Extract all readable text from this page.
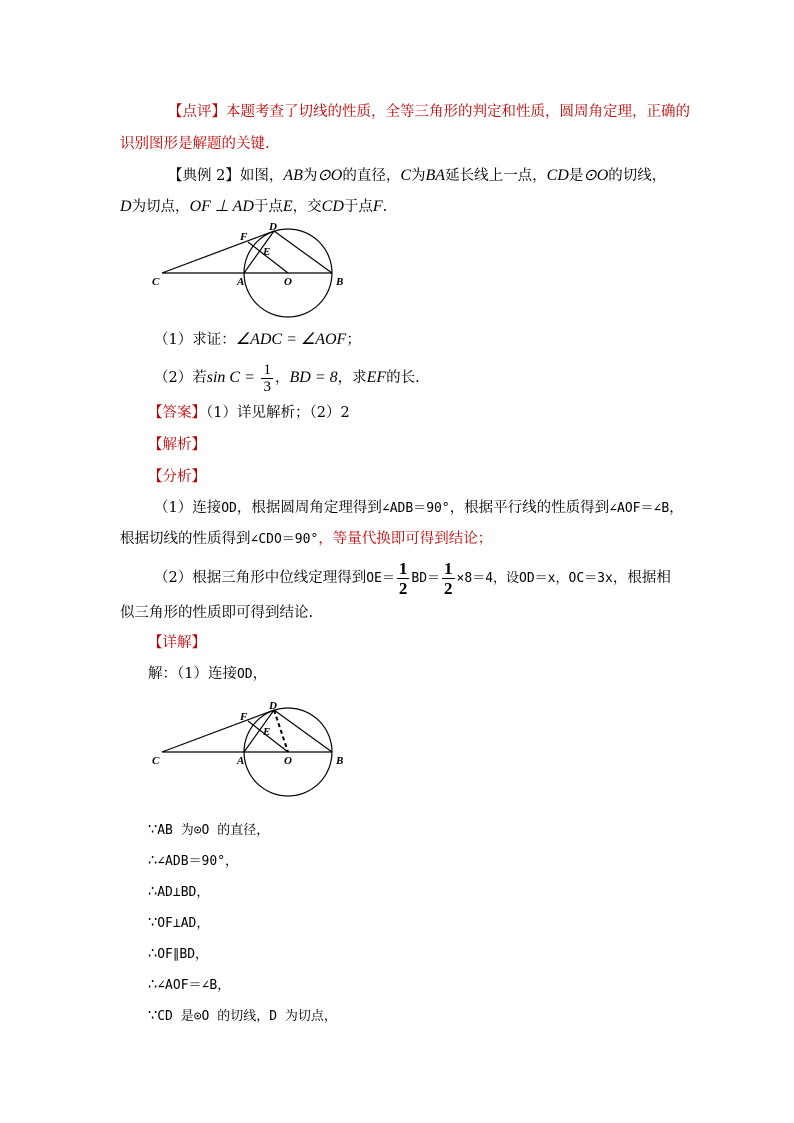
【点评】本题考查了切线的性质，全等三角形的判定和性质，圆周角定理，正确的
识别图形是解题的关键.
【典例 2】如图，AB为⊙O的直径，C为BA延长线上一点，CD是⊙O的切线，
D为切点，OF ⊥ AD于点E，交CD于点F.
C	A	O	B
D
F
E
（1）求证：∠ADC = ∠AOF；
（2）若$\sin C = \frac{1}{3}$ ，BD = 8，求EF的长.
【答案】（1）详见解析；（2）2
【解析】
【分析】
（1）连接OD，根据圆周角定理得到∠ADB＝90°，根据平行线的性质得到∠AOF＝∠B，
根据切线的性质得到∠CDO＝90°，等量代换即可得到结论；
（2）根据三角形中位线定理得到$OE= \frac{1}{2} BD= \frac{1}{2} \times 8=4$，设OD＝x，OC＝3x，根据相
似三角形的性质即可得到结论.
【详解】
解：（1）连接OD，
C	A	O	B
D
F
E
∵AB 为⊙O 的直径，
∴∠ADB＝90°，
∴AD⊥BD，
∵OF⊥AD，
∴OF∥BD，
∴∠AOF＝∠B，
∵CD 是⊙O 的切线，D 为切点，
